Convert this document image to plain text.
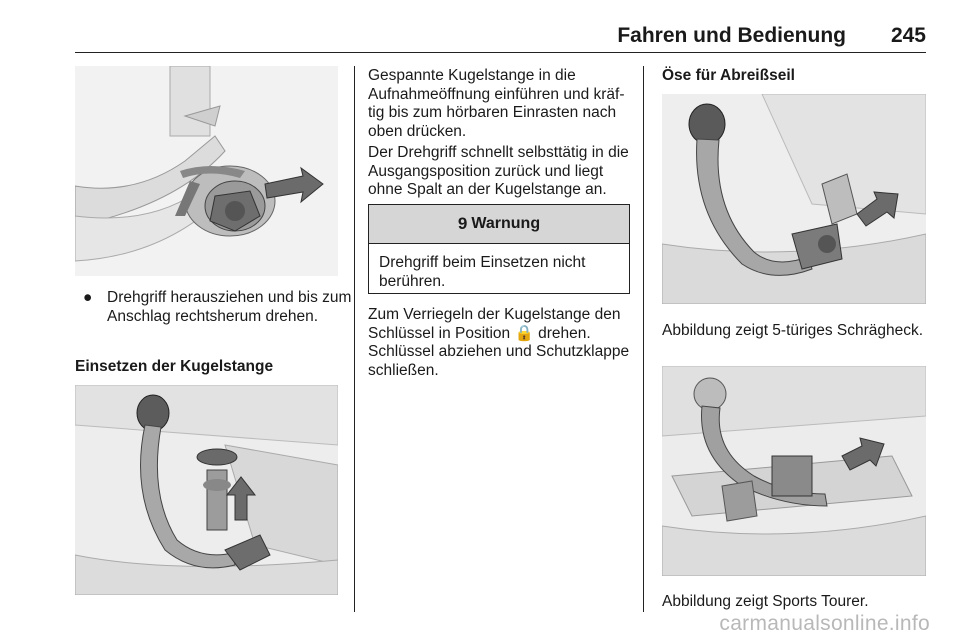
Fahren und Bedienung	245
● Drehgriff herausziehen und bis zum Anschlag rechtsherum drehen.
Einsetzen der Kugelstange
Gespannte Kugelstange in die Aufnahmeöffnung einführen und kräftig bis zum hörbaren Einrasten nach oben drücken.
Der Drehgriff schnellt selbsttätig in die Ausgangsposition zurück und liegt ohne Spalt an der Kugelstange an.
9 Warnung
Drehgriff beim Einsetzen nicht berühren.
Zum Verriegeln der Kugelstange den Schlüssel in Position 🔒 drehen. Schlüssel abziehen und Schutzklappe schließen.
Öse für Abreißseil
Abbildung zeigt 5-türiges Schrägheck.
Abbildung zeigt Sports Tourer.
carmanualsonline.info
